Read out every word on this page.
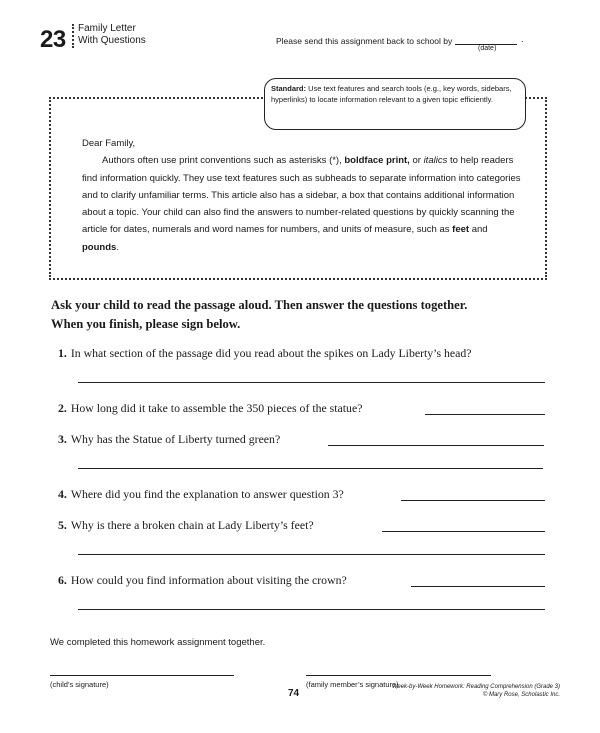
23 Family Letter
With Questions	Please send this assignment back to school by	.
(date)
Standard: Use text features and search tools (e.g., key words, sidebars, hyperlinks) to locate information relevant to a given topic efficiently.

Dear Family,

Authors often use print conventions such as asterisks (*), boldface print, or italics to help readers find information quickly. They use text features such as subheads to separate information into categories and to clarify unfamiliar terms. This article also has a sidebar, a box that contains additional information about a topic. Your child can also find the answers to number-related questions by quickly scanning the article for dates, numerals and word names for numbers, and units of measure, such as feet and pounds.

Ask your child to read the passage aloud. Then answer the questions together.
When you finish, please sign below.
1. In what section of the passage did you read about the spikes on Lady Liberty’s head?
2. How long did it take to assemble the 350 pieces of the statue?
3. Why has the Statue of Liberty turned green?
4. Where did you find the explanation to answer question 3?
5. Why is there a broken chain at Lady Liberty’s feet?
6. How could you find information about visiting the crown?
We completed this homework assignment together.
(child’s signature)	(family member’s signature)
74
Week-by-Week Homework: Reading Comprehension (Grade 3)
© Mary Rose, Scholastic Inc.
